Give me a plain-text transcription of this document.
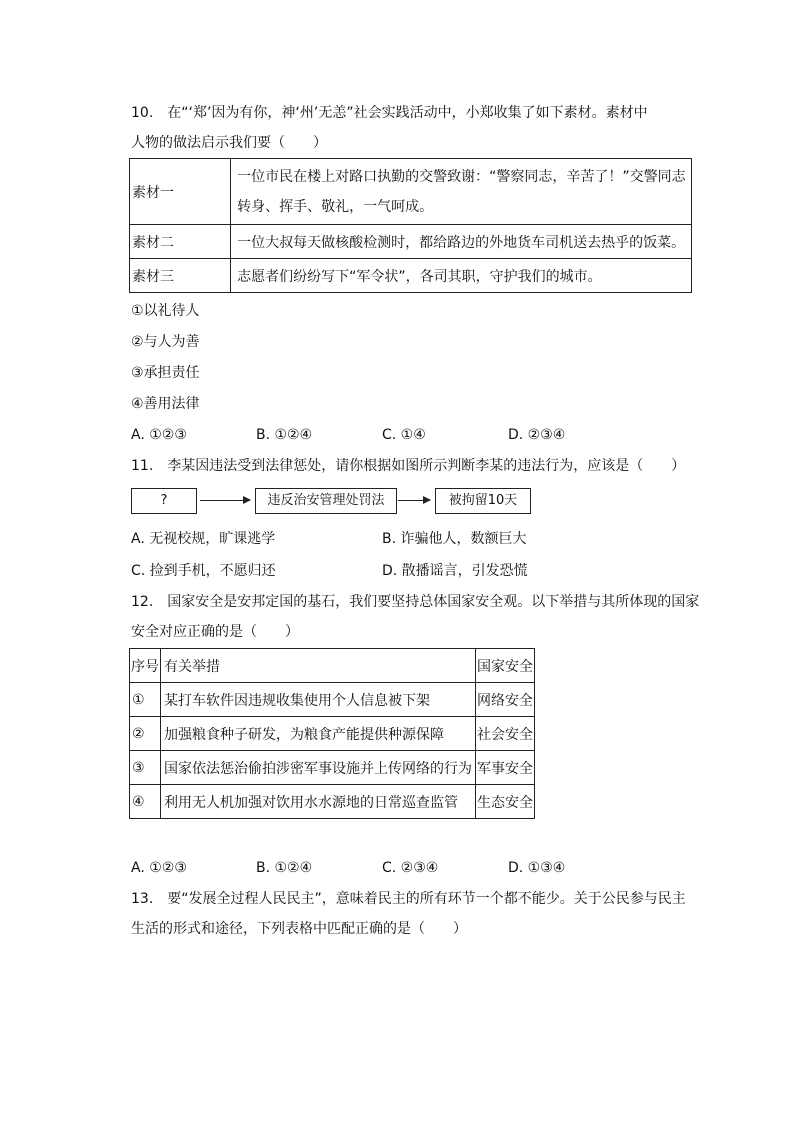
10.　在“‘郑’因为有你，神‘州’无恙”社会实践活动中，小郑收集了如下素材。素材中
人物的做法启示我们要（　　）
素材一	一位市民在楼上对路口执勤的交警致谢：“警察同志，辛苦了！”交警同志
转身、挥手、敬礼，一气呵成。

素材二	一位大叔每天做核酸检测时，都给路边的外地货车司机送去热乎的饭菜。
素材三	志愿者们纷纷写下“军令状”，各司其职，守护我们的城市。
①以礼待人
②与人为善
③承担责任
④善用法律
A. ①②③	B. ①②④	C. ①④	D. ②③④
11.　李某因违法受到法律惩处，请你根据如图所示判断李某的违法行为，应该是（　　）
?	违反治安管理处罚法	被拘留10天
A. 无视校规，旷课逃学	B. 诈骗他人，数额巨大
C. 捡到手机，不愿归还	D. 散播谣言，引发恐慌
12.　国家安全是安邦定国的基石，我们要坚持总体国家安全观。以下举措与其所体现的国家
安全对应正确的是（　　）
序号	有关举措	国家安全
①	某打车软件因违规收集使用个人信息被下架	网络安全
②	加强粮食种子研发，为粮食产能提供种源保障	社会安全
③	国家依法惩治偷拍涉密军事设施并上传网络的行为	军事安全
④	利用无人机加强对饮用水水源地的日常巡查监管	生态安全
A. ①②③	B. ①②④	C. ②③④	D. ①③④
13.　要“发展全过程人民民主”，意味着民主的所有环节一个都不能少。关于公民参与民主
生活的形式和途径，下列表格中匹配正确的是（　　）
